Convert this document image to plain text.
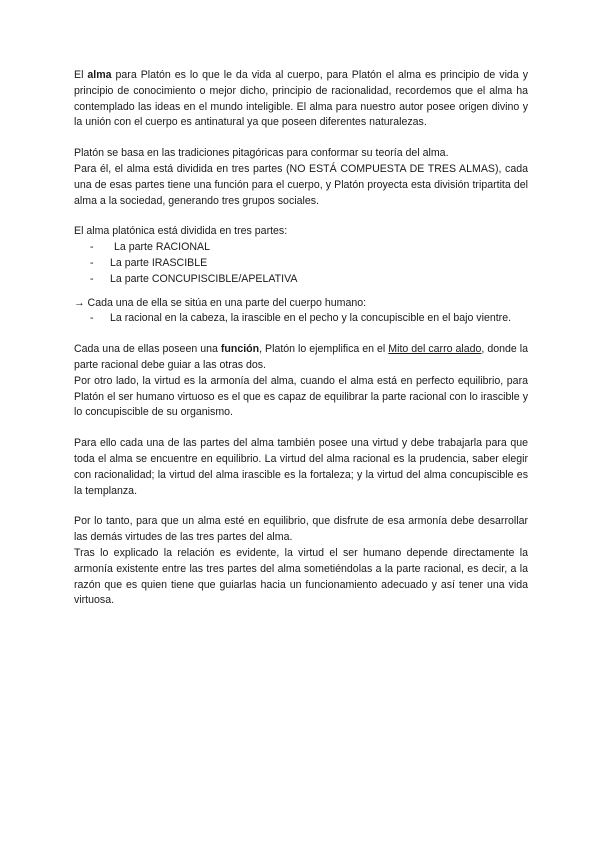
El alma para Platón es lo que le da vida al cuerpo, para Platón el alma es principio de vida y principio de conocimiento o mejor dicho, principio de racionalidad, recordemos que el alma ha contemplado las ideas en el mundo inteligible. El alma para nuestro autor posee origen divino y la unión con el cuerpo es antinatural ya que poseen diferentes naturalezas.

Platón se basa en las tradiciones pitagóricas para conformar su teoría del alma.

Para él, el alma está dividida en tres partes (NO ESTÁ COMPUESTA DE TRES ALMAS), cada una de esas partes tiene una función para el cuerpo, y Platón proyecta esta división tripartita del alma a la sociedad, generando tres grupos sociales.

El alma platónica está dividida en tres partes:

- La parte RACIONAL
- La parte IRASCIBLE
- La parte CONCUPISCIBLE/APELATIVA

→ Cada una de ella se sitúa en una parte del cuerpo humano:

- La racional en la cabeza, la irascible en el pecho y la concupiscible en el bajo vientre.

Cada una de ellas poseen una función, Platón lo ejemplifica en el Mito del carro alado, donde la parte racional debe guiar a las otras dos.

Por otro lado, la virtud es la armonía del alma, cuando el alma está en perfecto equilibrio, para Platón el ser humano virtuoso es el que es capaz de equilibrar la parte racional con lo irascible y lo concupiscible de su organismo.

Para ello cada una de las partes del alma también posee una virtud y debe trabajarla para que toda el alma se encuentre en equilibrio. La virtud del alma racional es la prudencia, saber elegir con racionalidad; la virtud del alma irascible es la fortaleza; y la virtud del alma concupiscible es la templanza.

Por lo tanto, para que un alma esté en equilibrio, que disfrute de esa armonía debe desarrollar las demás virtudes de las tres partes del alma.

Tras lo explicado la relación es evidente, la virtud el ser humano depende directamente la armonía existente entre las tres partes del alma sometiéndolas a la parte racional, es decir, a la razón que es quien tiene que guiarlas hacia un funcionamiento adecuado y así tener una vida virtuosa.
